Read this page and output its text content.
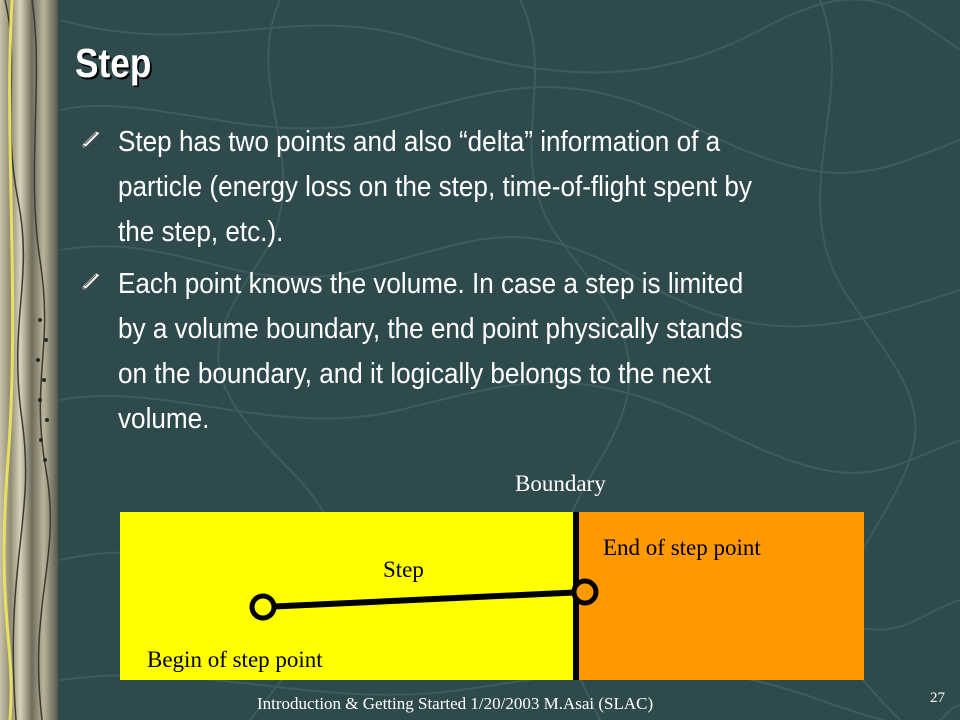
Step

Step has two points and also “delta” information of a
particle (energy loss on the step, time-of-flight spent by
the step, etc.).

Each point knows the volume. In case a step is limited
by a volume boundary, the end point physically stands
on the boundary, and it logically belongs to the next
volume.

Boundary
Step
End of step point
Begin of step point

Introduction & Getting Started 1/20/2003 M.Asai (SLAC)	27
